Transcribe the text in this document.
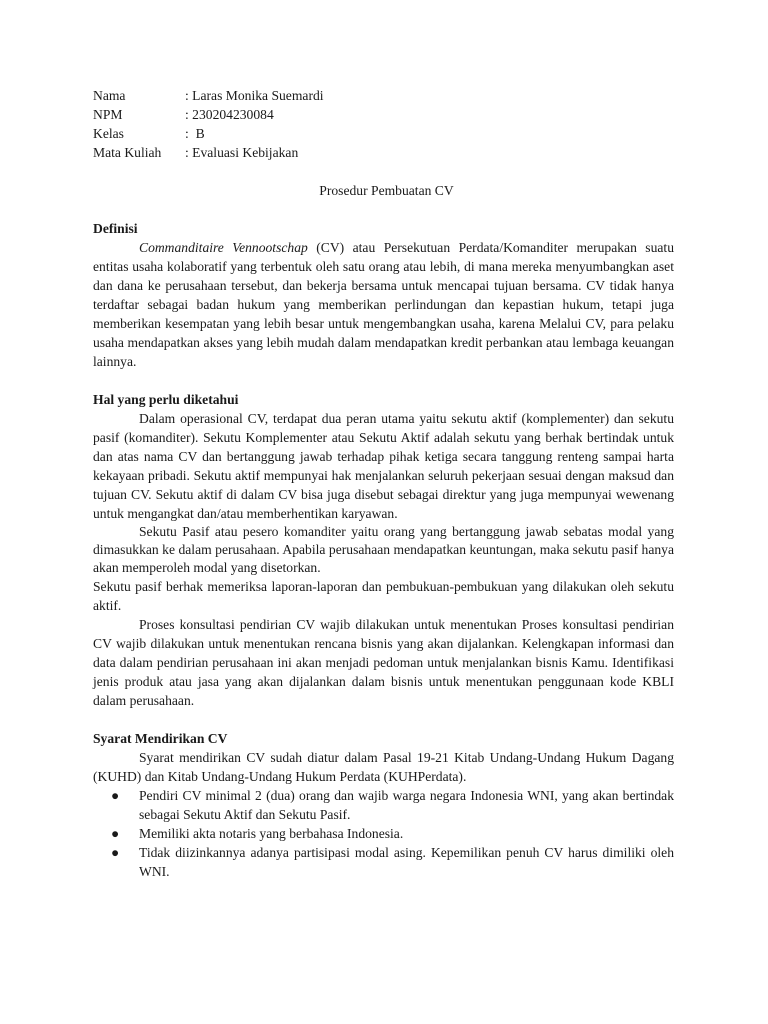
Nama	: Laras Monika Suemardi
NPM	: 230204230084
Kelas	:  B
Mata Kuliah	: Evaluasi Kebijakan
Prosedur Pembuatan CV
Definisi

Commanditaire Vennootschap (CV) atau Persekutuan Perdata/Komanditer merupakan suatu entitas usaha kolaboratif yang terbentuk oleh satu orang atau lebih, di mana mereka menyumbangkan aset dan dana ke perusahaan tersebut, dan bekerja bersama untuk mencapai tujuan bersama. CV tidak hanya terdaftar sebagai badan hukum yang memberikan perlindungan dan kepastian hukum, tetapi juga memberikan kesempatan yang lebih besar untuk mengembangkan usaha, karena Melalui CV, para pelaku usaha mendapatkan akses yang lebih mudah dalam mendapatkan kredit perbankan atau lembaga keuangan lainnya.

Hal yang perlu diketahui

Dalam operasional CV, terdapat dua peran utama yaitu sekutu aktif (komplementer) dan sekutu pasif (komanditer). Sekutu Komplementer atau Sekutu Aktif adalah sekutu yang berhak bertindak untuk dan atas nama CV dan bertanggung jawab terhadap pihak ketiga secara tanggung renteng sampai harta kekayaan pribadi. Sekutu aktif mempunyai hak menjalankan seluruh pekerjaan sesuai dengan maksud dan tujuan CV. Sekutu aktif di dalam CV bisa juga disebut sebagai direktur yang juga mempunyai wewenang untuk mengangkat dan/atau memberhentikan karyawan.

Sekutu Pasif atau pesero komanditer yaitu orang yang bertanggung jawab sebatas modal yang dimasukkan ke dalam perusahaan. Apabila perusahaan mendapatkan keuntungan, maka sekutu pasif hanya akan memperoleh modal yang disetorkan.

Sekutu pasif berhak memeriksa laporan-laporan dan pembukuan-pembukuan yang dilakukan oleh sekutu aktif.

Proses konsultasi pendirian CV wajib dilakukan untuk menentukan Proses konsultasi pendirian CV wajib dilakukan untuk menentukan rencana bisnis yang akan dijalankan. Kelengkapan informasi dan data dalam pendirian perusahaan ini akan menjadi pedoman untuk menjalankan bisnis Kamu. Identifikasi jenis produk atau jasa yang akan dijalankan dalam bisnis untuk menentukan penggunaan kode KBLI dalam perusahaan.

Syarat Mendirikan CV

Syarat mendirikan CV sudah diatur dalam Pasal 19-21 Kitab Undang-Undang Hukum Dagang (KUHD) dan Kitab Undang-Undang Hukum Perdata (KUHPerdata).

● Pendiri CV minimal 2 (dua) orang dan wajib warga negara Indonesia WNI, yang akan bertindak sebagai Sekutu Aktif dan Sekutu Pasif.
● Memiliki akta notaris yang berbahasa Indonesia.
● Tidak diizinkannya adanya partisipasi modal asing. Kepemilikan penuh CV harus dimiliki oleh WNI.
